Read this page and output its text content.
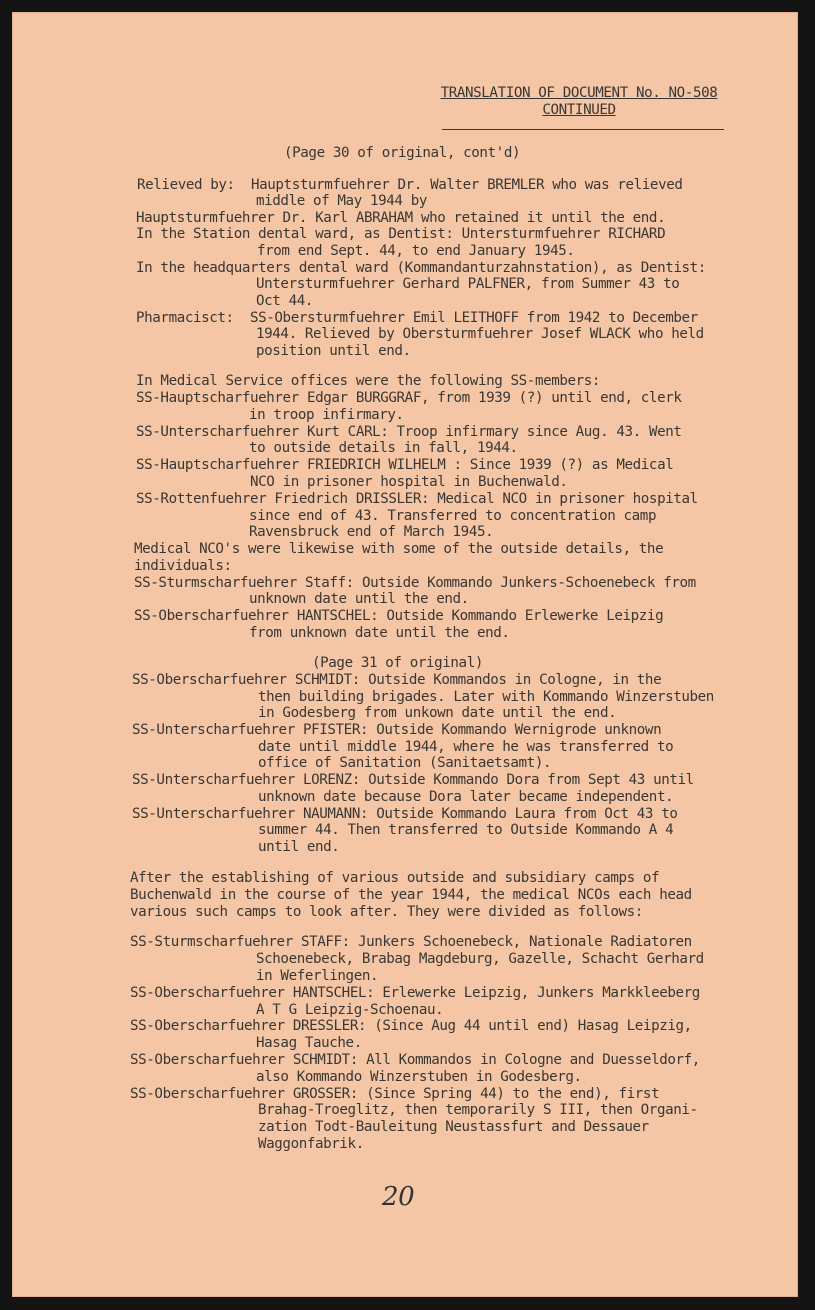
TRANSLATION OF DOCUMENT No. NO-508
CONTINUED
(Page 30 of original, cont'd)
Relieved by:  Hauptsturmfuehrer Dr. Walter BREMLER who was relieved
middle of May 1944 by
Hauptsturmfuehrer Dr. Karl ABRAHAM who retained it until the end.
In the Station dental ward, as Dentist: Untersturmfuehrer RICHARD
from end Sept. 44, to end January 1945.
In the headquarters dental ward (Kommandanturzahnstation), as Dentist:
Untersturmfuehrer Gerhard PALFNER, from Summer 43 to
Oct 44.
Pharmacisct:  SS-Obersturmfuehrer Emil LEITHOFF from 1942 to December
1944. Relieved by Obersturmfuehrer Josef WLACK who held
position until end.
In Medical Service offices were the following SS-members:
SS-Hauptscharfuehrer Edgar BURGGRAF, from 1939 (?) until end, clerk
in troop infirmary.
SS-Unterscharfuehrer Kurt CARL: Troop infirmary since Aug. 43. Went
to outside details in fall, 1944.
SS-Hauptscharfuehrer FRIEDRICH WILHELM : Since 1939 (?) as Medical
NCO in prisoner hospital in Buchenwald.
SS-Rottenfuehrer Friedrich DRISSLER: Medical NCO in prisoner hospital
since end of 43. Transferred to concentration camp
Ravensbruck end of March 1945.
Medical NCO's were likewise with some of the outside details, the
individuals:
SS-Sturmscharfuehrer Staff: Outside Kommando Junkers-Schoenebeck from
unknown date until the end.
SS-Oberscharfuehrer HANTSCHEL: Outside Kommando Erlewerke Leipzig
from unknown date until the end.
(Page 31 of original)
SS-Oberscharfuehrer SCHMIDT: Outside Kommandos in Cologne, in the
then building brigades. Later with Kommando Winzerstuben
in Godesberg from unkown date until the end.
SS-Unterscharfuehrer PFISTER: Outside Kommando Wernigrode unknown
date until middle 1944, where he was transferred to
office of Sanitation (Sanitaetsamt).
SS-Unterscharfuehrer LORENZ: Outside Kommando Dora from Sept 43 until
unknown date because Dora later became independent.
SS-Unterscharfuehrer NAUMANN: Outside Kommando Laura from Oct 43 to
summer 44. Then transferred to Outside Kommando A 4
until end.
After the establishing of various outside and subsidiary camps of
Buchenwald in the course of the year 1944, the medical NCOs each head
various such camps to look after. They were divided as follows:
SS-Sturmscharfuehrer STAFF: Junkers Schoenebeck, Nationale Radiatoren
Schoenebeck, Brabag Magdeburg, Gazelle, Schacht Gerhard
in Weferlingen.
SS-Oberscharfuehrer HANTSCHEL: Erlewerke Leipzig, Junkers Markkleeberg
A T G Leipzig-Schoenau.
SS-Oberscharfuehrer DRESSLER: (Since Aug 44 until end) Hasag Leipzig,
Hasag Tauche.
SS-Oberscharfuehrer SCHMIDT: All Kommandos in Cologne and Duesseldorf,
also Kommando Winzerstuben in Godesberg.
SS-Oberscharfuehrer GROSSER: (Since Spring 44) to the end), first
Brahag-Troeglitz, then temporarily S III, then Organi-
zation Todt-Bauleitung Neustassfurt and Dessauer
Waggonfabrik.
20
